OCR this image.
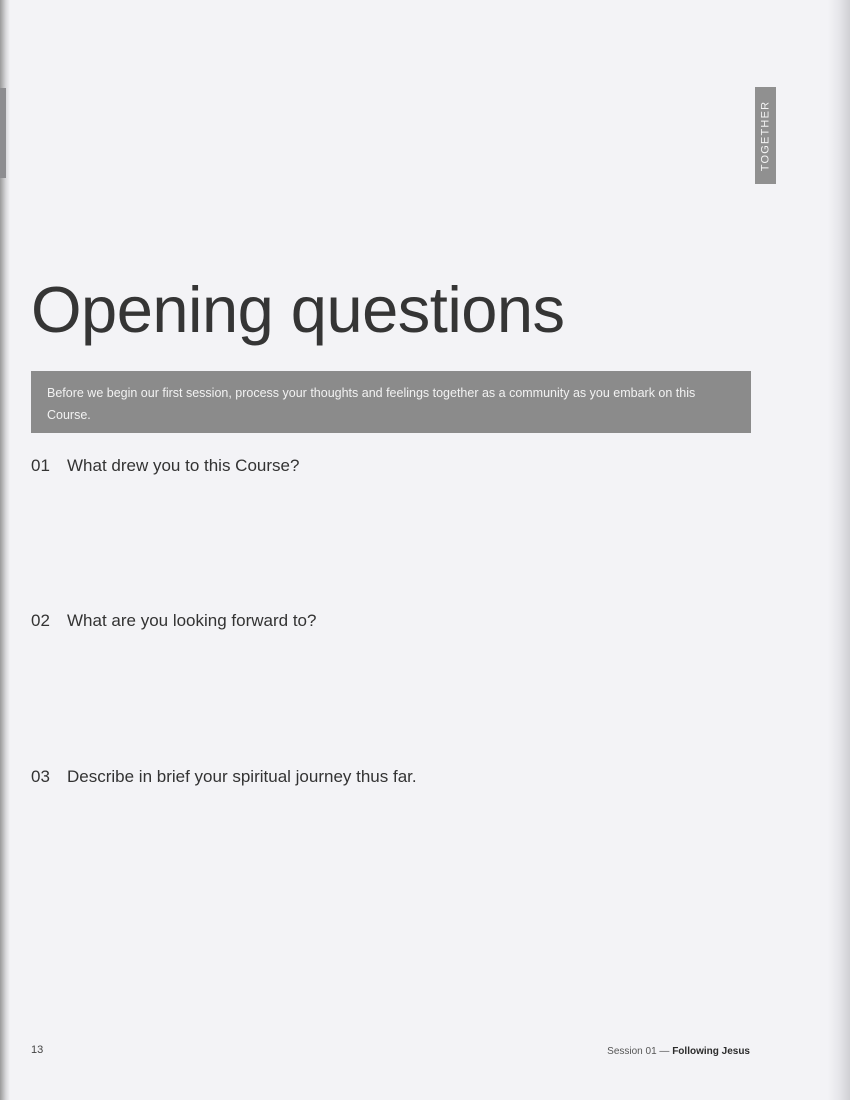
TOGETHER
Opening questions
Before we begin our first session, process your thoughts and feelings together as a community as you embark on this Course.

01 What drew you to this Course?

02 What are you looking forward to?

03 Describe in brief your spiritual journey thus far.

13	Session 01 — Following Jesus
